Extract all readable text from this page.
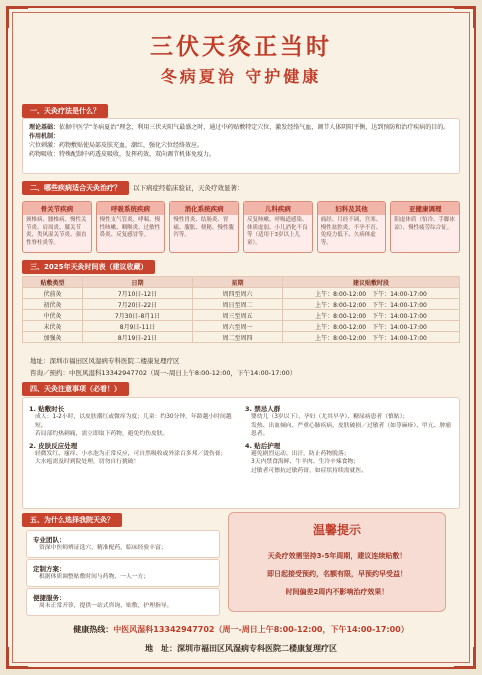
三伏天灸正当时
冬病夏治 守护健康
一、天灸疗法是什么？
理论基础：依据中医学“冬病夏治”理念，利用三伏天阳气最盛之时，通过中药贴敷特定穴位，激发经络气血，调节人体阴阳平衡，达到预防和治疗疾病的目的。
作用机制：
穴位刺激：药物敷贴使局部皮肤充血，潮红，强化穴位经络效应。
药物吸收：特殊配制中药透皮吸收，发挥药效，双向调节机体免疫力。
二、哪些疾病适合天灸治疗？ 以下病症经临床验证，天灸疗效显著：
骨关节疾病
颈椎病、腰椎病、慢性关节炎、肩周炎、膝关节炎、类风湿关节炎、强直性脊柱炎等。
呼吸系统疾病
慢性支气管炎、哮喘、慢性咳嗽、咽喉炎、过敏性鼻炎、反复感冒等。
消化系统疾病
慢性胃炎、结肠炎、胃痛、腹胀、便秘、慢性腹泻等。
儿科疾病
反复咳嗽、呼吸道感染、体质虚弱、小儿消化不良等（适用于3岁以上儿童）。
妇科及其他
痛经、月经不调、宫寒、慢性盆腔炎、不孕不育、免疫力低下、久病体虚等。
亚健康调理
阳虚体质（怕冷、手脚冰凉）、慢性疲劳综合征。
三、2025年天灸时间表（建议收藏）
贴敷类型	日期	星期	建议贴敷时段
伏前灸	7月10日-12日	周四至周六	上午：8:00-12:00　下午：14:00-17:00
初伏灸	7月20日-22日	周日至周二	上午：8:00-12:00　下午：14:00-17:00
中伏灸	7月30日-8月1日	周三至周五	上午：8:00-12:00　下午：14:00-17:00
末伏灸	8月9日-11日	周六至周一	上午：8:00-12:00　下午：14:00-17:00
加强灸	8月19日-21日	周二至周四	上午：8:00-12:00　下午：14:00-17:00
地址：深圳市福田区风湿病专科医院二楼康复理疗区
咨询／预约：中医风湿科13342947702（周一-周日上午8:00-12:00，下午14:00-17:00）
四、天灸注意事项（必看！）
1. 贴敷时长
成人：1-2小时，以皮肤潮红或微痒为度；儿童：约30分钟，年龄越小时间越短。
若局部灼热刺痛，需立即取下药物，避免灼伤皮肤。
2. 皮肤反应处理
轻微发红、瘙痒、小水泡为正常反应，可自然吸收或外涂百多邦／烫伤膏；
大水疱需及时到院处理，切勿自行挑破！
3. 禁忌人群
婴幼儿（3岁以下）、孕妇（尤其早孕）、糖尿病患者（慎贴）；
发热、出血倾向、严重心肺疾病、皮肤破损／过敏者（如荨麻疹）、甲亢、肿瘤患者。
4. 贴后护理
避免剧烈运动、出汗，防止药物脱落；
3天内禁食海鲜、牛羊肉、生冷辛辣食物；
过敏者可擦抗过敏药膏，如症状持续需就医。
五、为什么选择我院天灸？
专业团队：
资深中医师辨证选穴，精准配药，临床经验丰富；
定制方案：
根据体质调整贴敷时间与药物，一人一方；
便捷服务：
周末正常开诊，提供一站式咨询、贴敷、护理指导。
温馨提示
天灸疗效需坚持3-5年周期，建议连续贴敷！
即日起接受预约，名额有限，早预约早受益！
时间偏差2周内不影响治疗效果！
健康热线：中医风湿科13342947702（周一-周日上午8:00-12:00，下午14:00-17:00）
地　址：深圳市福田区风湿病专科医院二楼康复理疗区
